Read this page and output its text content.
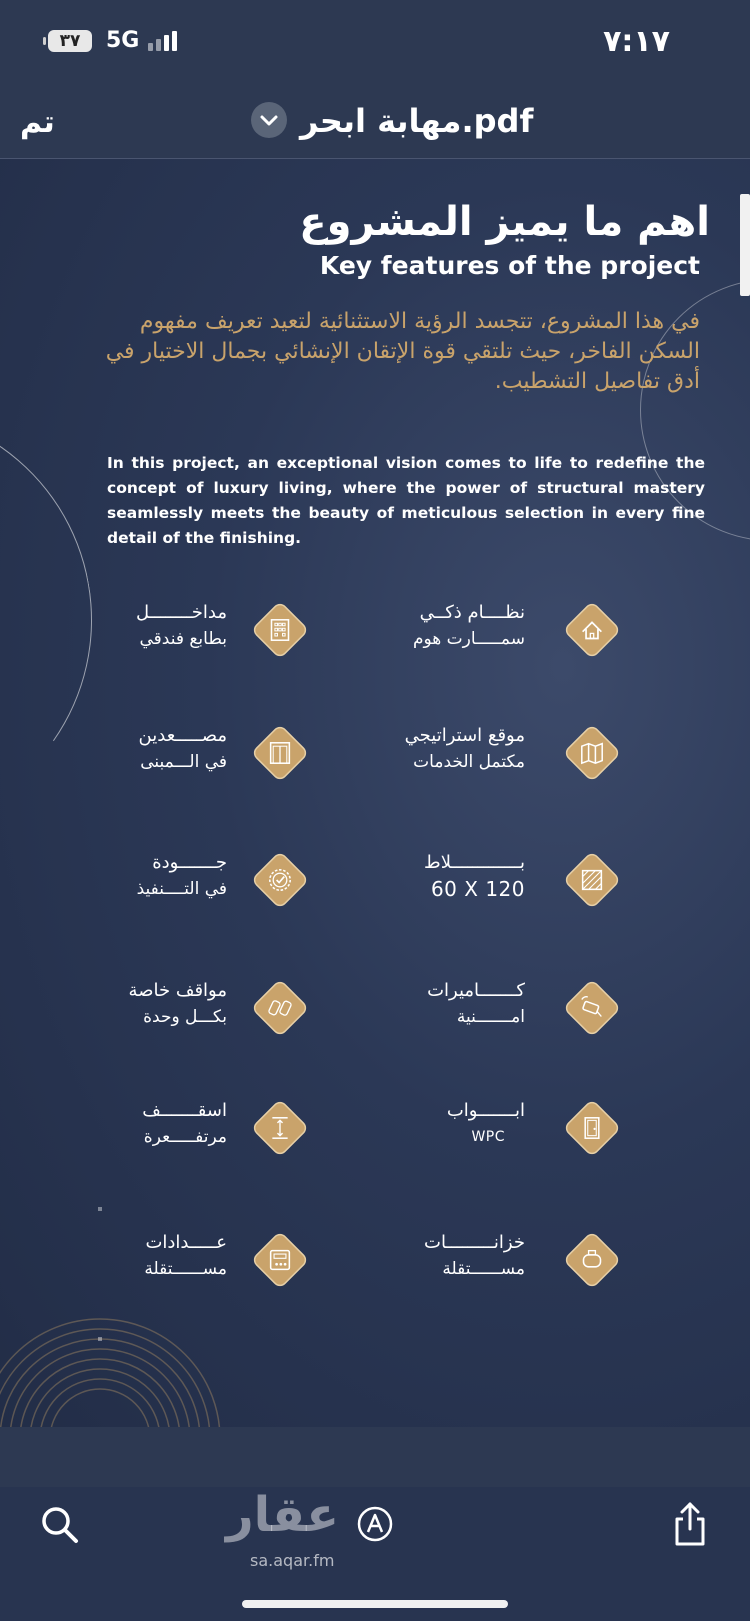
٣٧	5G	٧:١٧
تم	مهابة ابحر.pdf
اهم ما يميز المشروع
Key features of the project
في هذا المشروع، تتجسد الرؤية الاستثنائية لتعيد تعريف مفهوم السكن الفاخر، حيث تلتقي قوة الإتقان الإنشائي بجمال الاختيار في أدق تفاصيل التشطيب.
In this project, an exceptional vision comes to life to redefine the concept of luxury living, where the power of structural mastery seamlessly meets the beauty of meticulous selection in every fine detail of the finishing.
نظــــام ذكــي
سمـــــارت هوم
مداخــــــــل
بطابع فندقي
موقع استراتيجي
مكتمل الخدمات
مصـــــعدين
في الـــمبنى
بـــــــــــــلاط
60 X 120
جـــــــودة
في التــــنفيذ
كـــــــاميرات
امـــــــنية
مواقف خاصة
بكـــل وحدة
ابـــــــواب
WPC
اسقـــــــف
مرتفـــــعرة
خزانـــــــــات
مســــــتقلة
عـــــدادات
مســــــتقلة
عقار
sa.aqar.fm
